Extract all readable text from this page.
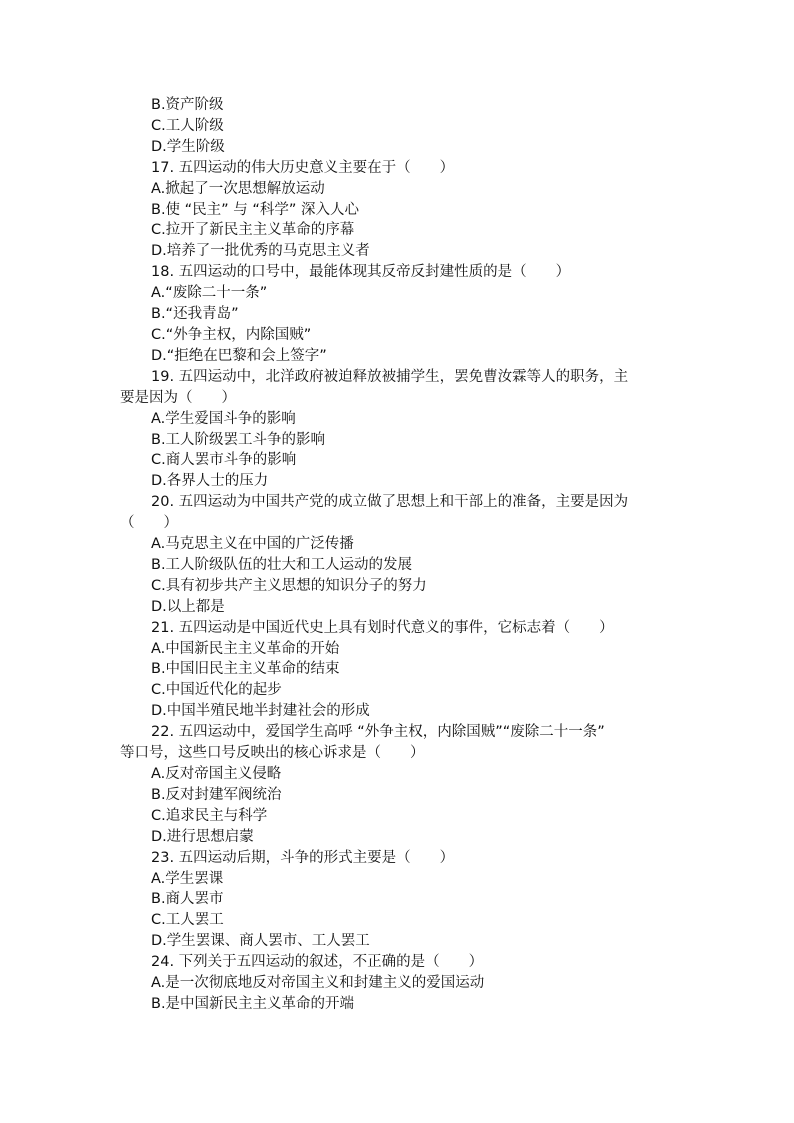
B.资产阶级
C.工人阶级
D.学生阶级
17. 五四运动的伟大历史意义主要在于（　　）
A.掀起了一次思想解放运动
B.使 “民主” 与 “科学” 深入人心
C.拉开了新民主主义革命的序幕
D.培养了一批优秀的马克思主义者
18. 五四运动的口号中，最能体现其反帝反封建性质的是（　　）
A.“废除二十一条”
B.“还我青岛”
C.“外争主权，内除国贼”
D.“拒绝在巴黎和会上签字”
19. 五四运动中，北洋政府被迫释放被捕学生，罢免曹汝霖等人的职务，主
要是因为（　　）
A.学生爱国斗争的影响
B.工人阶级罢工斗争的影响
C.商人罢市斗争的影响
D.各界人士的压力
20. 五四运动为中国共产党的成立做了思想上和干部上的准备，主要是因为
（　　）
A.马克思主义在中国的广泛传播
B.工人阶级队伍的壮大和工人运动的发展
C.具有初步共产主义思想的知识分子的努力
D.以上都是
21. 五四运动是中国近代史上具有划时代意义的事件，它标志着（　　）
A.中国新民主主义革命的开始
B.中国旧民主主义革命的结束
C.中国近代化的起步
D.中国半殖民地半封建社会的形成
22. 五四运动中，爱国学生高呼 “外争主权，内除国贼”“废除二十一条”
等口号，这些口号反映出的核心诉求是（　　）
A.反对帝国主义侵略
B.反对封建军阀统治
C.追求民主与科学
D.进行思想启蒙
23. 五四运动后期，斗争的形式主要是（　　）
A.学生罢课
B.商人罢市
C.工人罢工
D.学生罢课、商人罢市、工人罢工
24. 下列关于五四运动的叙述，不正确的是（　　）
A.是一次彻底地反对帝国主义和封建主义的爱国运动
B.是中国新民主主义革命的开端
